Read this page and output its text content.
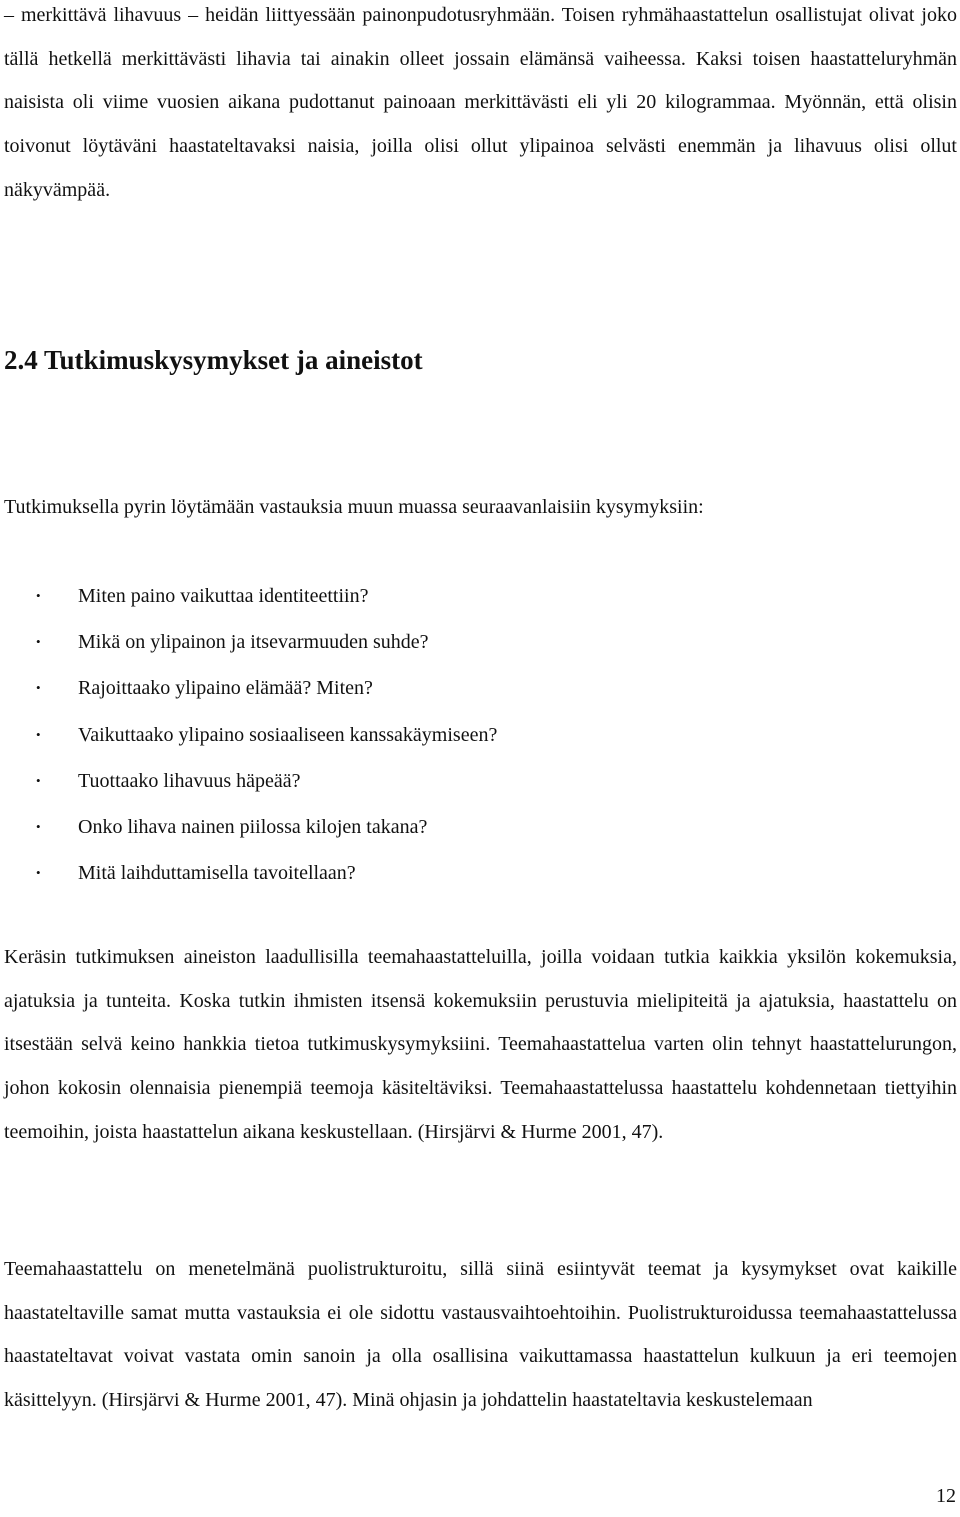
– merkittävä lihavuus – heidän liittyessään painonpudotusryhmään. Toisen ryhmähaastattelun osallistujat olivat joko tällä hetkellä merkittävästi lihavia tai ainakin olleet jossain elämänsä vaiheessa. Kaksi toisen haastatteluryhmän naisista oli viime vuosien aikana pudottanut painoaan merkittävästi eli yli 20 kilogrammaa. Myönnän, että olisin toivonut löytäväni haastateltavaksi naisia, joilla olisi ollut ylipainoa selvästi enemmän ja lihavuus olisi ollut näkyvämpää.

2.4 Tutkimuskysymykset ja aineistot

Tutkimuksella pyrin löytämään vastauksia muun muassa seuraavanlaisiin kysymyksiin:

• Miten paino vaikuttaa identiteettiin?
• Mikä on ylipainon ja itsevarmuuden suhde?
• Rajoittaako ylipaino elämää? Miten?
• Vaikuttaako ylipaino sosiaaliseen kanssakäymiseen?
• Tuottaako lihavuus häpeää?
• Onko lihava nainen piilossa kilojen takana?
• Mitä laihduttamisella tavoitellaan?

Keräsin tutkimuksen aineiston laadullisilla teemahaastatteluilla, joilla voidaan tutkia kaikkia yksilön kokemuksia, ajatuksia ja tunteita. Koska tutkin ihmisten itsensä kokemuksiin perustuvia mielipiteitä ja ajatuksia, haastattelu on itsestään selvä keino hankkia tietoa tutkimuskysymyksiini. Teemahaastattelua varten olin tehnyt haastattelurungon, johon kokosin olennaisia pienempiä teemoja käsiteltäviksi. Teemahaastattelussa haastattelu kohdennetaan tiettyihin teemoihin, joista haastattelun aikana keskustellaan. (Hirsjärvi & Hurme 2001, 47).

Teemahaastattelu on menetelmänä puolistrukturoitu, sillä siinä esiintyvät teemat ja kysymykset ovat kaikille haastateltaville samat mutta vastauksia ei ole sidottu vastausvaihtoehtoihin. Puolistrukturoidussa teemahaastattelussa haastateltavat voivat vastata omin sanoin ja olla osallisina vaikuttamassa haastattelun kulkuun ja eri teemojen käsittelyyn. (Hirsjärvi & Hurme 2001, 47). Minä ohjasin ja johdattelin haastateltavia keskustelemaan

12
